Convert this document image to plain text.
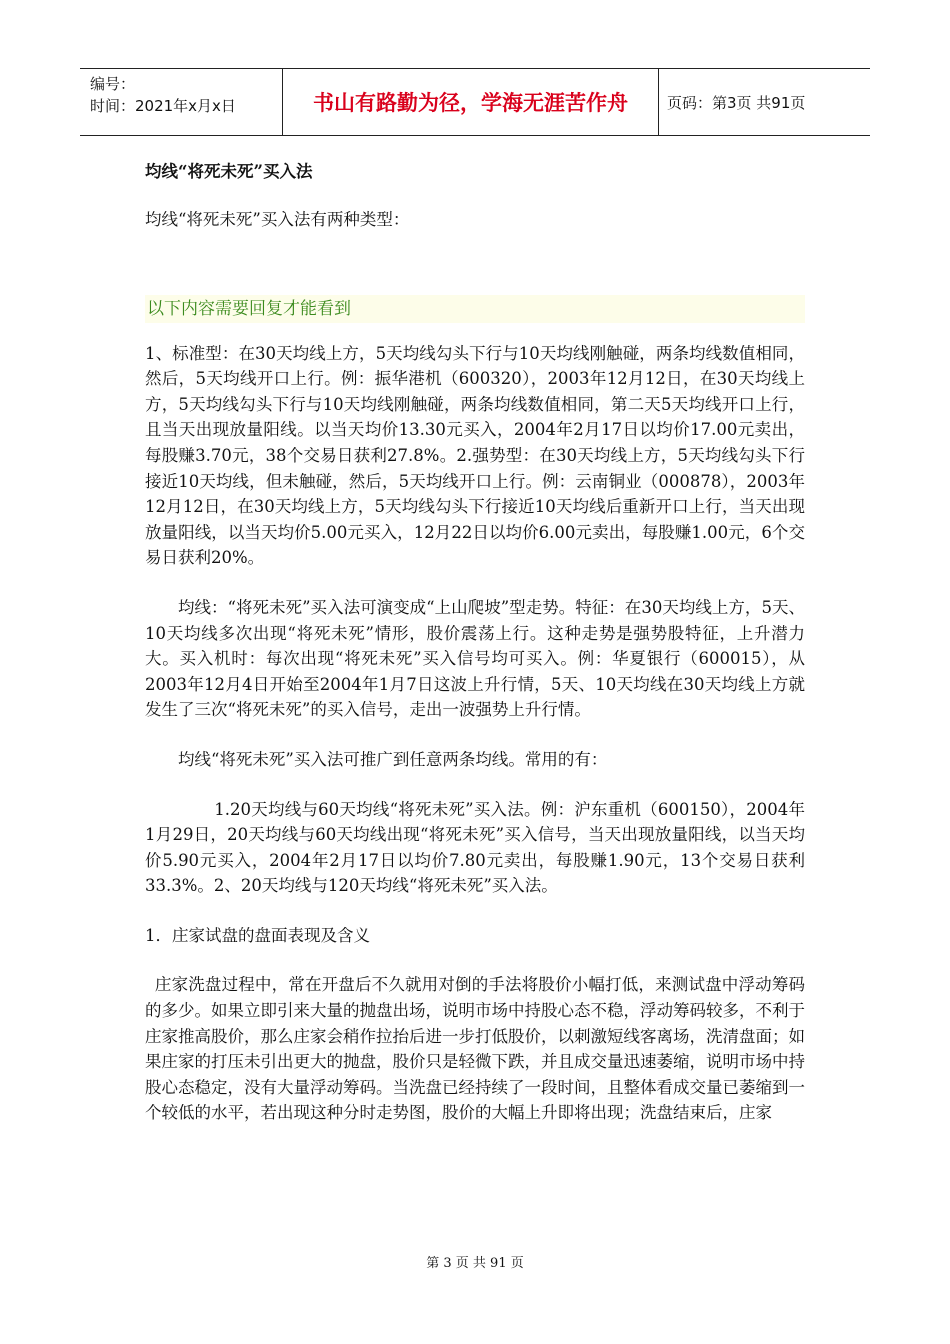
编号：
时间：2021年x月x日	书山有路勤为径，学海无涯苦作舟	页码：第3页 共91页
均线“将死未死”买入法

均线“将死未死”买入法有两种类型：

以下内容需要回复才能看到

1、标准型：在30天均线上方，5天均线勾头下行与10天均线刚触碰，两条均线数值相同，然后，5天均线开口上行。例：振华港机（600320），2003年12月12日，在30天均线上方，5天均线勾头下行与10天均线刚触碰，两条均线数值相同，第二天5天均线开口上行，且当天出现放量阳线。以当天均价13.30元买入，2004年2月17日以均价17.00元卖出，每股赚3.70元，38个交易日获利27.8%。2.强势型：在30天均线上方，5天均线勾头下行接近10天均线，但未触碰，然后，5天均线开口上行。例：云南铜业（000878），2003年12月12日，在30天均线上方，5天均线勾头下行接近10天均线后重新开口上行，当天出现放量阳线，以当天均价5.00元买入，12月22日以均价6.00元卖出，每股赚1.00元，6个交易日获利20%。

均线：“将死未死”买入法可演变成“上山爬坡”型走势。特征：在30天均线上方，5天、10天均线多次出现“将死未死”情形，股价震荡上行。这种走势是强势股特征，上升潜力大。买入机时：每次出现“将死未死”买入信号均可买入。例：华夏银行（600015），从2003年12月4日开始至2004年1月7日这波上升行情，5天、10天均线在30天均线上方就发生了三次“将死未死”的买入信号，走出一波强势上升行情。

均线“将死未死”买入法可推广到任意两条均线。常用的有：

1.20天均线与60天均线“将死未死”买入法。例：沪东重机（600150），2004年1月29日，20天均线与60天均线出现“将死未死”买入信号，当天出现放量阳线，以当天均价5.90元买入，2004年2月17日以均价7.80元卖出，每股赚1.90元，13个交易日获利33.3%。2、20天均线与120天均线“将死未死”买入法。

1．庄家试盘的盘面表现及含义

庄家洗盘过程中，常在开盘后不久就用对倒的手法将股价小幅打低，来测试盘中浮动筹码的多少。如果立即引来大量的抛盘出场，说明市场中持股心态不稳，浮动筹码较多，不利于庄家推高股价，那么庄家会稍作拉抬后进一步打低股价，以刺激短线客离场，洗清盘面；如果庄家的打压未引出更大的抛盘，股价只是轻微下跌，并且成交量迅速萎缩，说明市场中持股心态稳定，没有大量浮动筹码。当洗盘已经持续了一段时间，且整体看成交量已萎缩到一个较低的水平，若出现这种分时走势图，股价的大幅上升即将出现；洗盘结束后，庄家

第 3 页 共 91 页
